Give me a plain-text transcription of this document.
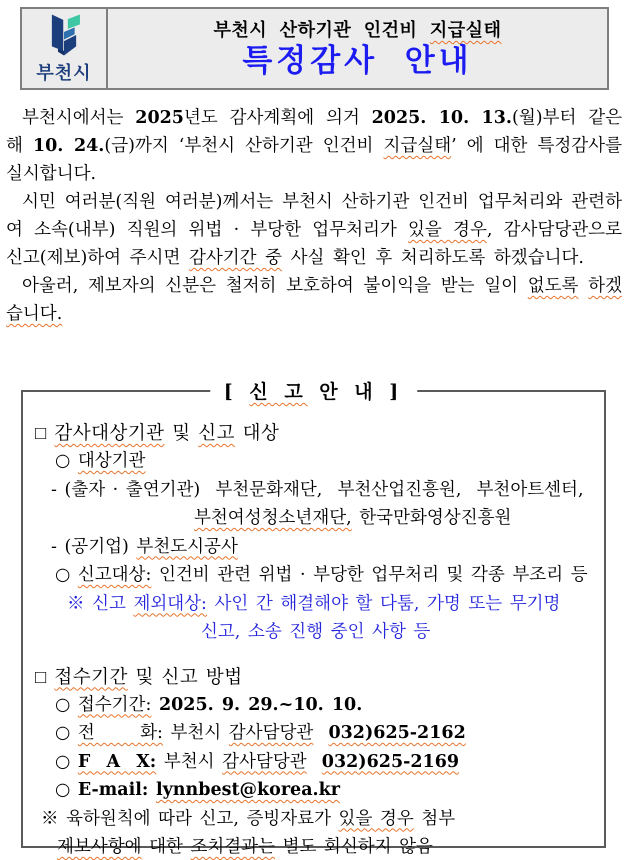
부천시
부천시 산하기관 인건비 지급실태
특정감사 안내

부천시에서는 2025년도 감사계획에 의거 2025. 10. 13.(월)부터 같은 해 10. 24.(금)까지 ‘부천시 산하기관 인건비 지급실태’ 에 대한 특정감사를 실시합니다.

시민 여러분(직원 여러분)께서는 부천시 산하기관 인건비 업무처리와 관련하여 소속(내부) 직원의 위법 · 부당한 업무처리가 있을 경우, 감사담당관으로 신고(제보)하여 주시면 감사기간 중 사실 확인 후 처리하도록 하겠습니다.

아울러, 제보자의 신분은 철저히 보호하여 불이익을 받는 일이 없도록 하겠습니다.

[ 신 고 안 내 ]
□ 감사대상기관 및 신고 대상
○ 대상기관
- (출자 · 출연기관)  부천문화재단,  부천산업진흥원,  부천아트센터,
부천여성청소년재단, 한국만화영상진흥원
- (공기업) 부천도시공사
○ 신고대상: 인건비 관련 위법 · 부당한 업무처리 및 각종 부조리 등
※ 신고 제외대상: 사인 간 해결해야 할 다툼, 가명 또는 무기명
신고, 소송 진행 중인 사항 등
□ 접수기간 및 신고 방법
○ 접수기간: 2025. 9. 29.~10. 10.
○ 전      화: 부천시 감사담당관 032)625-2162
○ F  A  X: 부천시 감사담당관 032)625-2169
○ E-mail: lynnbest@korea.kr
※ 육하원칙에 따라 신고, 증빙자료가 있을 경우 첨부
제보사항에 대한 조치결과는 별도 회신하지 않음
